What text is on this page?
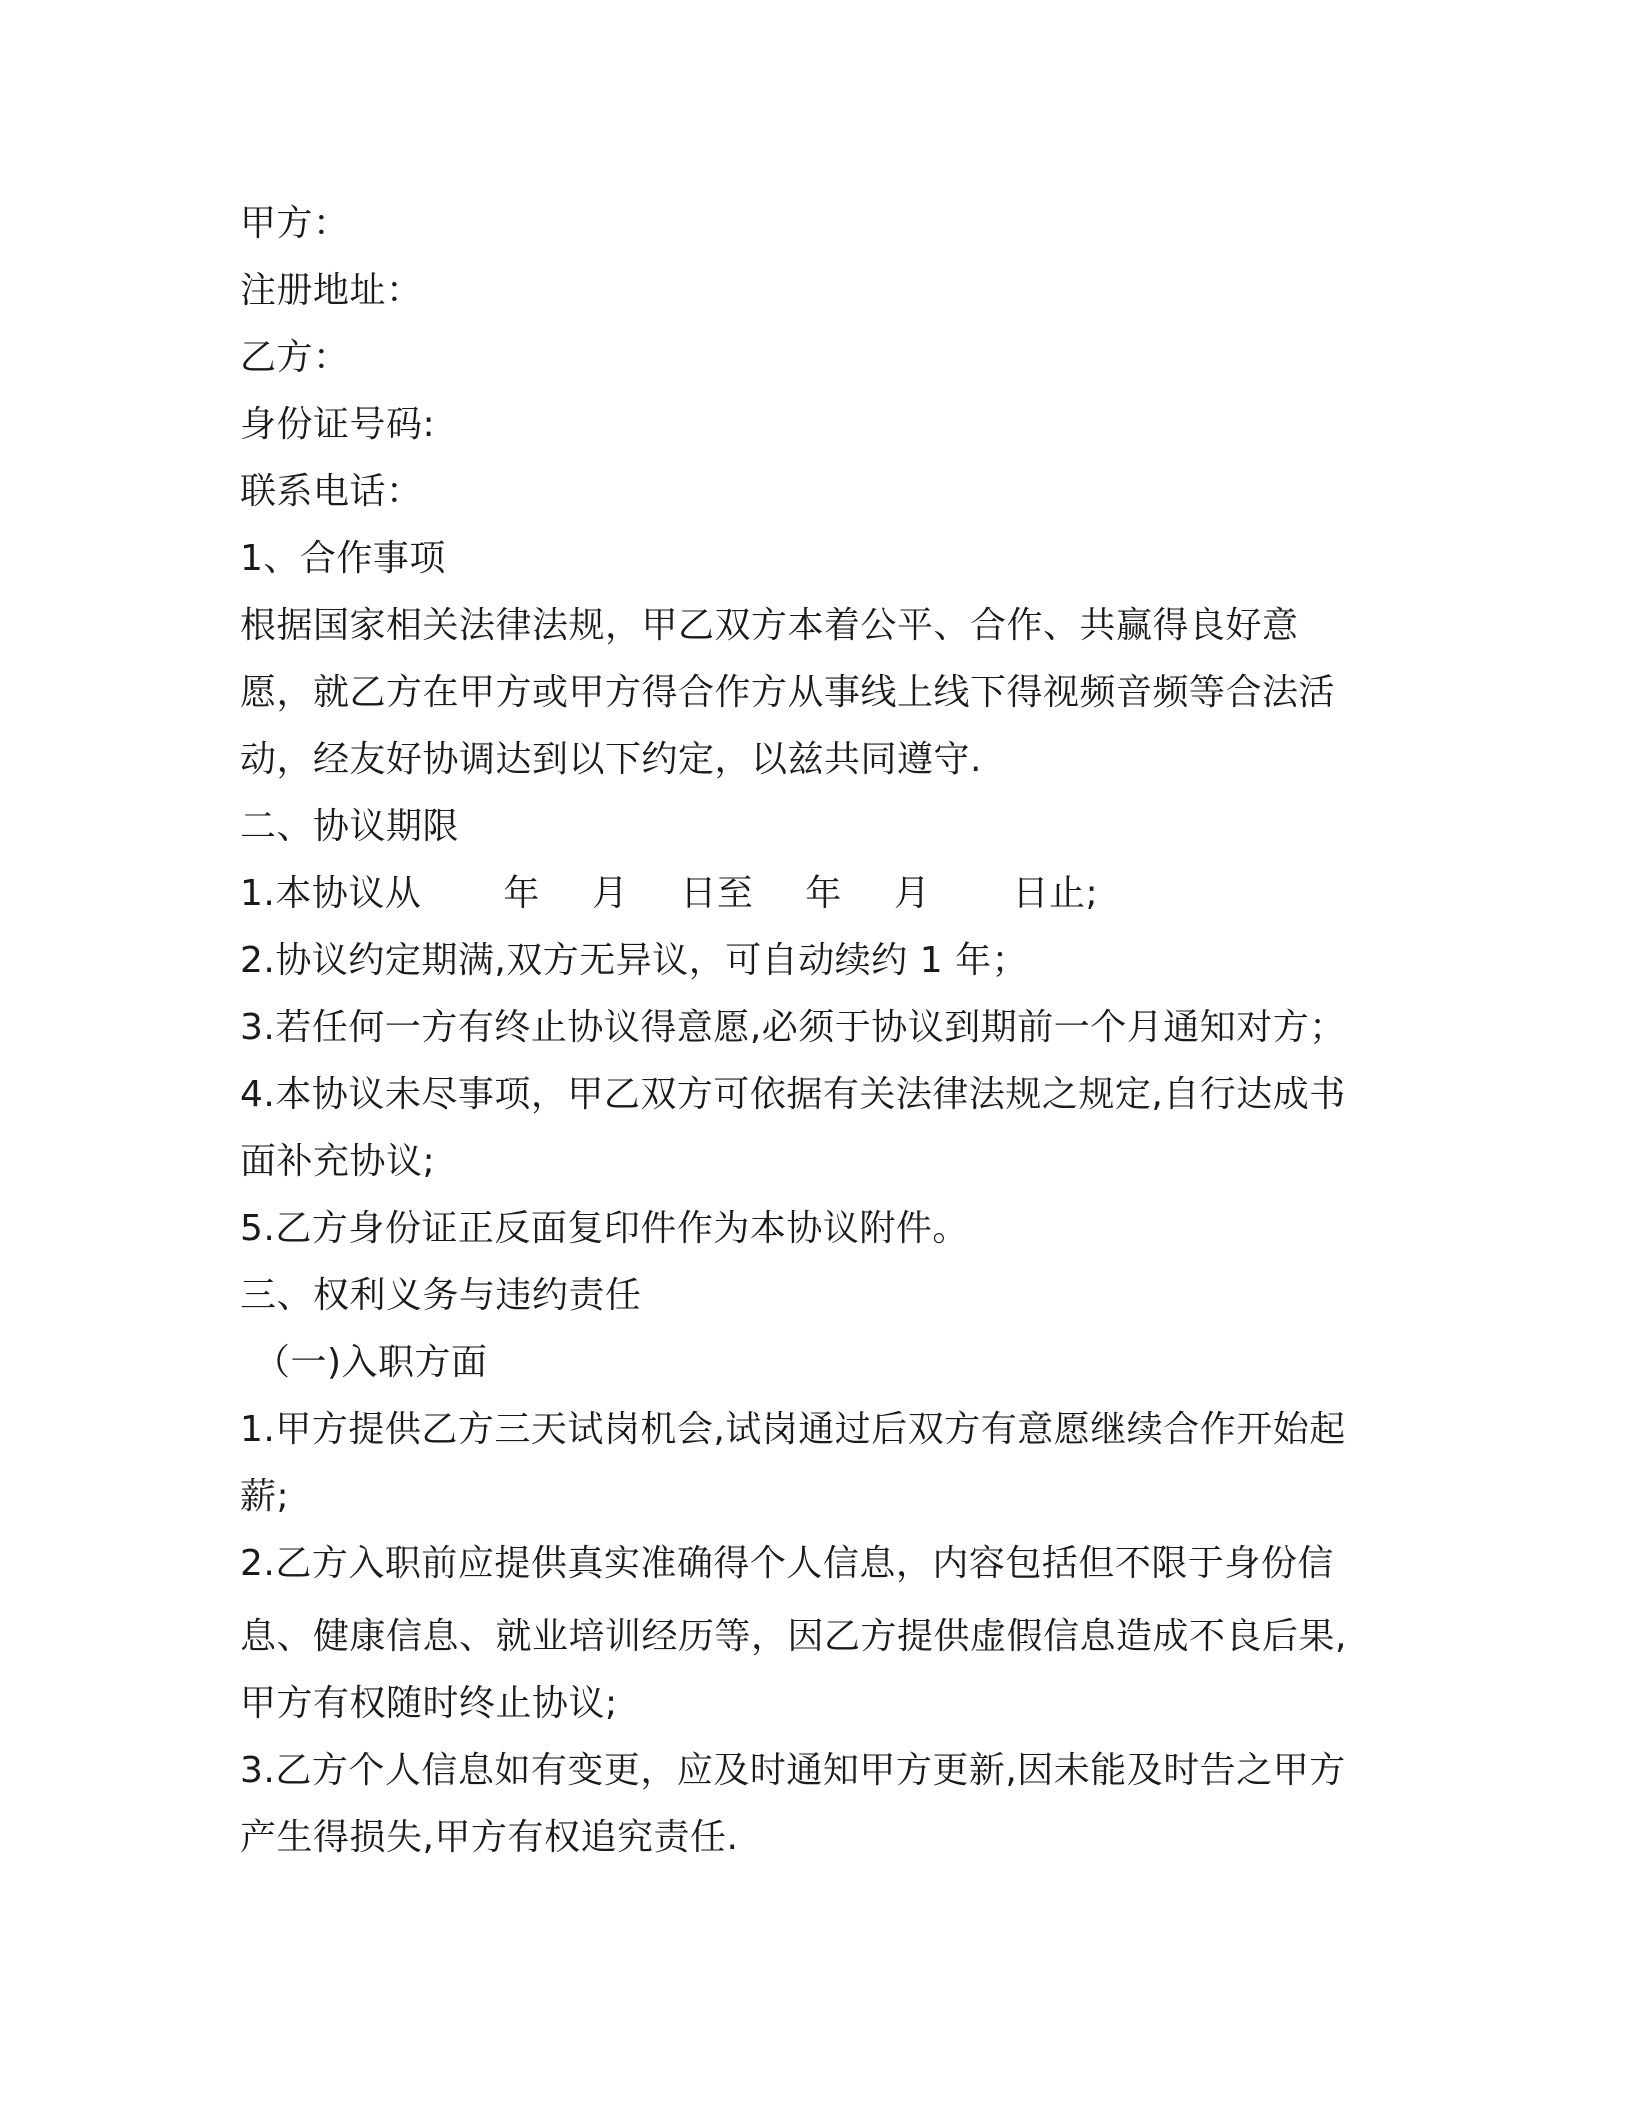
甲方：
注册地址：
乙方：
身份证号码:
联系电话：
1、合作事项
根据国家相关法律法规，甲乙双方本着公平、合作、共赢得良好意
愿，就乙方在甲方或甲方得合作方从事线上线下得视频音频等合法活
动，经友好协调达到以下约定，以兹共同遵守.
二、协议期限
1.本协议从 年 月 日至 年 月 日止;
2.协议约定期满,双方无异议，可自动续约 1 年；
3.若任何一方有终止协议得意愿,必须于协议到期前一个月通知对方；
4.本协议未尽事项，甲乙双方可依据有关法律法规之规定,自行达成书
面补充协议;
5.乙方身份证正反面复印件作为本协议附件。
三、权利义务与违约责任
（一)入职方面
1.甲方提供乙方三天试岗机会,试岗通过后双方有意愿继续合作开始起
薪;
2.乙方入职前应提供真实准确得个人信息，内容包括但不限于身份信
息、健康信息、就业培训经历等，因乙方提供虚假信息造成不良后果,
甲方有权随时终止协议;
3.乙方个人信息如有变更，应及时通知甲方更新,因未能及时告之甲方
产生得损失,甲方有权追究责任.
